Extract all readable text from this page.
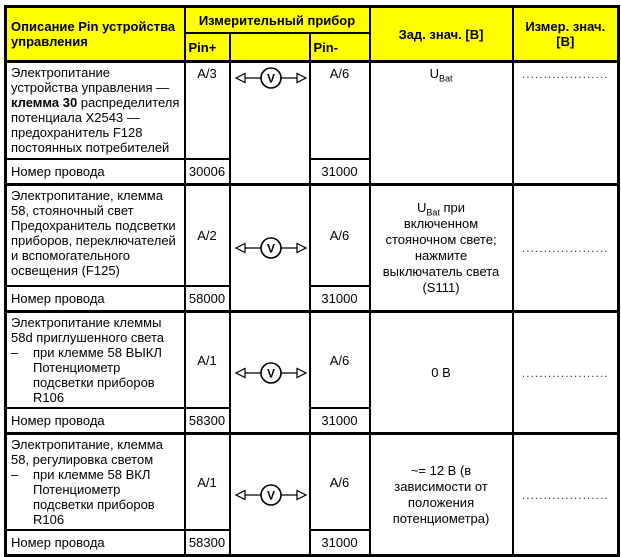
Описание Pin устройства управления	Измерительный прибор			Зад. знач. [В]	Измер. знач. [В]
	Pin+		Pin-		
Электропитание устройства управления — клемма 30 распределителя потенциала X2543 — предохранитель F128 постоянных потребителей	A/3	V	A/6	$U_{Bat}$	....................
Номер провода	30006		31000		

Электропитание, клемма 58, стояночный свет
Предохранитель подсветки приборов, переключателей и вспомогательного освещения (F125)	A/2	V	A/6	$U_{Bat}$ при включенном стояночном свете; нажмите выключатель света (S111)	....................
Номер провода	58000		31000		

Электропитание клеммы 58d приглушенного света
– при клемме 58 ВЫКЛ
Потенциометр подсветки приборов R106	A/1	V	A/6	0 В	....................
Номер провода	58300		31000		

Электропитание, клемма 58, регулировка светом
– при клемме 58 ВКЛ
Потенциометр подсветки приборов R106	A/1	V	A/6	~= 12 В (в зависимости от положения потенциометра)	....................
Номер провода	58300		31000		
